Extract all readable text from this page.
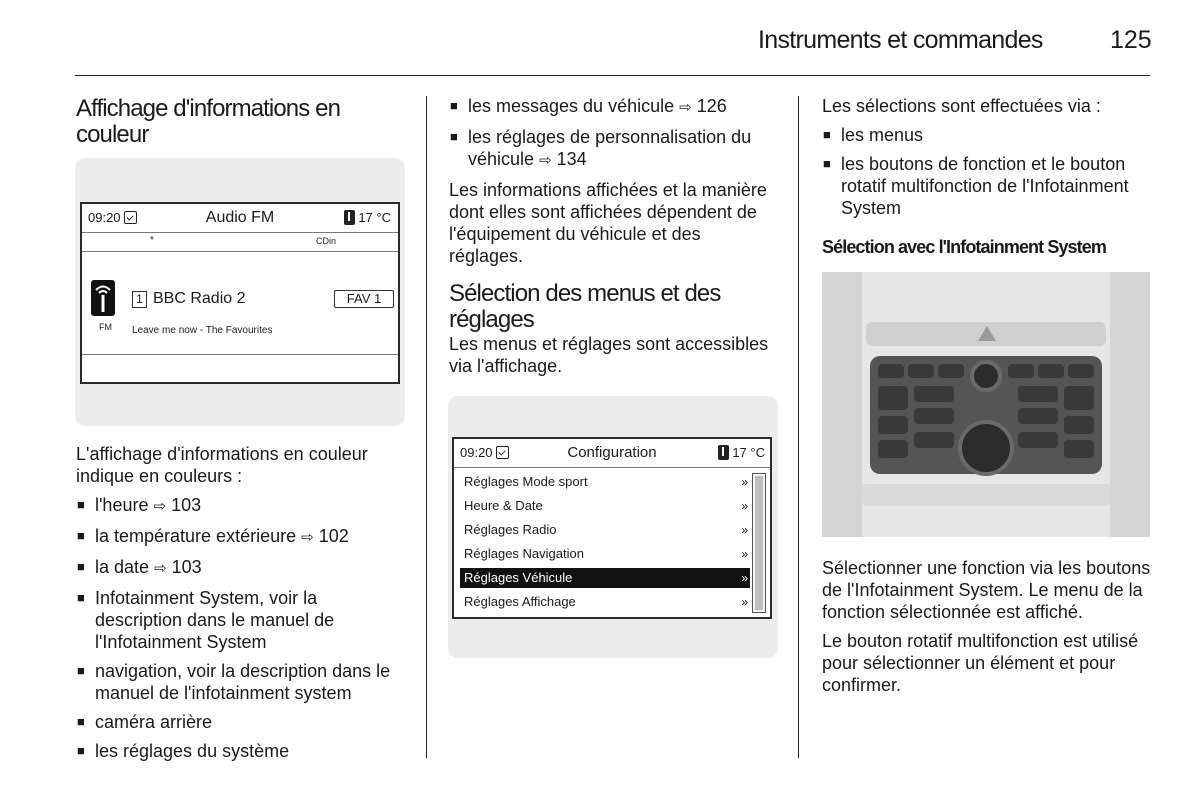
Instruments et commandes	125
Affichage d'informations en couleur
09:20	Audio FM	17 °C
*	CDin
FM
1 BBC Radio 2	FAV 1
Leave me now - The Favourites

L'affichage d'informations en couleur indique en couleurs :

■ l'heure ⇨ 103
■ la température extérieure ⇨ 102
■ la date ⇨ 103
■ Infotainment System, voir la description dans le manuel de l'Infotainment System
■ navigation, voir la description dans le manuel de l'infotainment system
■ caméra arrière
■ les réglages du système
■ les messages du véhicule ⇨ 126
■ les réglages de personnalisation du véhicule ⇨ 134

Les informations affichées et la manière dont elles sont affichées dépendent de l'équipement du véhicule et des réglages.

Sélection des menus et des réglages

Les menus et réglages sont accessibles via l'affichage.

09:20	Configuration	17 °C
Réglages Mode sport	»
Heure & Date	»
Réglages Radio	»
Réglages Navigation	»
Réglages Véhicule	»
Réglages Affichage	»

Les sélections sont effectuées via :

■ les menus
■ les boutons de fonction et le bouton rotatif multifonction de l'Infotainment System
Sélection avec l'Infotainment System

Sélectionner une fonction via les boutons de l'Infotainment System. Le menu de la fonction sélectionnée est affiché.

Le bouton rotatif multifonction est utilisé pour sélectionner un élément et pour confirmer.
